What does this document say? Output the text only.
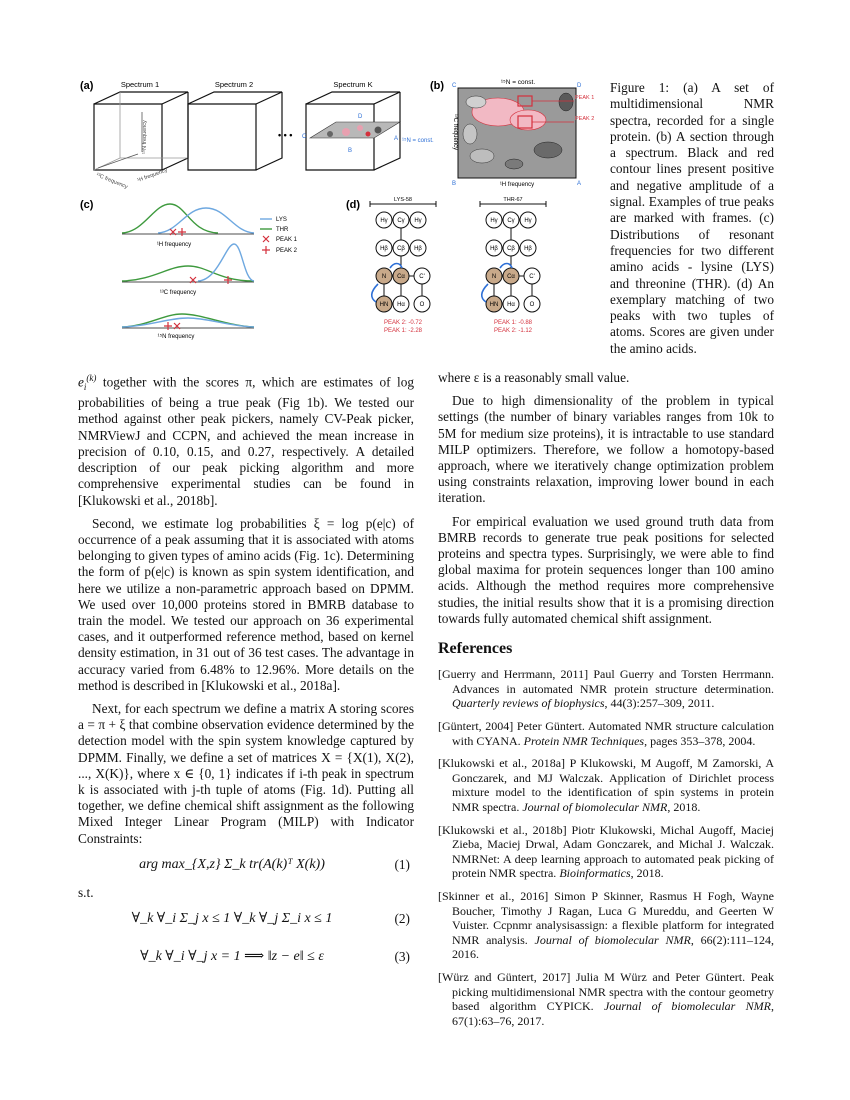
(a)	Spectrum 1
¹³C frequency ¹H frequency
¹⁵N frequency
Spectrum 2
• • •
Spectrum K
D
C
B
A ¹⁵N = const.
(b)	¹⁵N = const.
PEAK 1
PEAK 2
C	D
B	A
¹H frequency
¹³C frequency
(c)
¹H frequency
¹³C frequency
¹⁵N frequency
LYS
THR
PEAK 1
PEAK 2
(d)	LYS-58
Hγ Cγ Hγ
Hβ Cβ Hβ
N Cα C'
HN Hα O
PEAK 2: -0.72
PEAK 1: -2.28
THR-67
Hγ Cγ Hγ
Hβ Cβ Hβ
N Cα C'
HN Hα O
PEAK 1: -0.88
PEAK 2: -1.12
Figure 1: (a) A set of multidimensional NMR spectra, recorded for a single protein. (b) A section through a spectrum. Black and red contour lines present positive and negative amplitude of a signal. Examples of true peaks are marked with frames. (c) Distributions of resonant frequencies for two different amino acids - lysine (LYS) and threonine (THR). (d) An exemplary matching of two peaks with two tuples of atoms. Scores are given under the amino acids.

$e_i^{(k)}$ together with the scores π, which are estimates of log probabilities of being a true peak (Fig 1b). We tested our method against other peak pickers, namely CV-Peak picker, NMRViewJ and CCPN, and achieved the mean increase in precision of 0.10, 0.15, and 0.27, respectively. A detailed description of our peak picking algorithm and more comprehensive experimental studies can be found in [Klukowski et al., 2018b].

Second, we estimate log probabilities ξ = log p(e|c) of occurrence of a peak assuming that it is associated with atoms belonging to given types of amino acids (Fig. 1c). Determining the form of p(e|c) is known as spin system identification, and here we utilize a non-parametric approach based on DPMM. We used over 10,000 proteins stored in BMRB database to train the model. We tested our approach on 36 experimental cases, and it outperformed reference method, based on kernel density estimation, in 31 out of 36 test cases. The advantage in accuracy varied from 6.48% to 12.96%. More details on the method is described in [Klukowski et al., 2018a].

Next, for each spectrum we define a matrix A storing scores a = π + ξ that combine observation evidence determined by the detection model with the spin system knowledge captured by DPMM. Finally, we define a set of matrices X = {X(1), X(2), ..., X(K)}, where x ∈ {0, 1} indicates if i-th peak in spectrum k is associated with j-th tuple of atoms (Fig. 1d). Putting all together, we define chemical shift assignment as the following Mixed Integer Linear Program (MILP) with Indicator Constraints:

arg max_{X,z} Σ_k tr(A(k)ᵀ X(k))	(1)

s.t.

∀_k ∀_i Σ_j x ≤ 1 ∀_k ∀_j Σ_i x ≤ 1	(2)
∀_k ∀_i ∀_j x = 1 ⟹ ‖z − e‖ ≤ ε	(3)

where ε is a reasonably small value.

Due to high dimensionality of the problem in typical settings (the number of binary variables ranges from 10k to 5M for medium size proteins), it is intractable to use standard MILP optimizers. Therefore, we follow a homotopy-based approach, where we iteratively change optimization problem using constraints relaxation, improving lower bound in each iteration.

For empirical evaluation we used ground truth data from BMRB records to generate true peak positions for selected proteins and spectra types. Surprisingly, we were able to find global maxima for protein sequences longer than 100 amino acids. Although the method requires more comprehensive studies, the initial results show that it is a promising direction towards fully automated chemical shift assignment.

References
[Guerry and Herrmann, 2011] Paul Guerry and Torsten Herrmann. Advances in automated NMR protein structure determination. Quarterly reviews of biophysics, 44(3):257–309, 2011.
[Güntert, 2004] Peter Güntert. Automated NMR structure calculation with CYANA. Protein NMR Techniques, pages 353–378, 2004.
[Klukowski et al., 2018a] P Klukowski, M Augoff, M Zamorski, A Gonczarek, and MJ Walczak. Application of Dirichlet process mixture model to the identification of spin systems in protein NMR spectra. Journal of biomolecular NMR, 2018.
[Klukowski et al., 2018b] Piotr Klukowski, Michal Augoff, Maciej Zieba, Maciej Drwal, Adam Gonczarek, and Michal J. Walczak. NMRNet: A deep learning approach to automated peak picking of protein NMR spectra. Bioinformatics, 2018.
[Skinner et al., 2016] Simon P Skinner, Rasmus H Fogh, Wayne Boucher, Timothy J Ragan, Luca G Mureddu, and Geerten W Vuister. Ccpnmr analysisassign: a flexible platform for integrated NMR analysis. Journal of biomolecular NMR, 66(2):111–124, 2016.
[Würz and Güntert, 2017] Julia M Würz and Peter Güntert. Peak picking multidimensional NMR spectra with the contour geometry based algorithm CYPICK. Journal of biomolecular NMR, 67(1):63–76, 2017.
